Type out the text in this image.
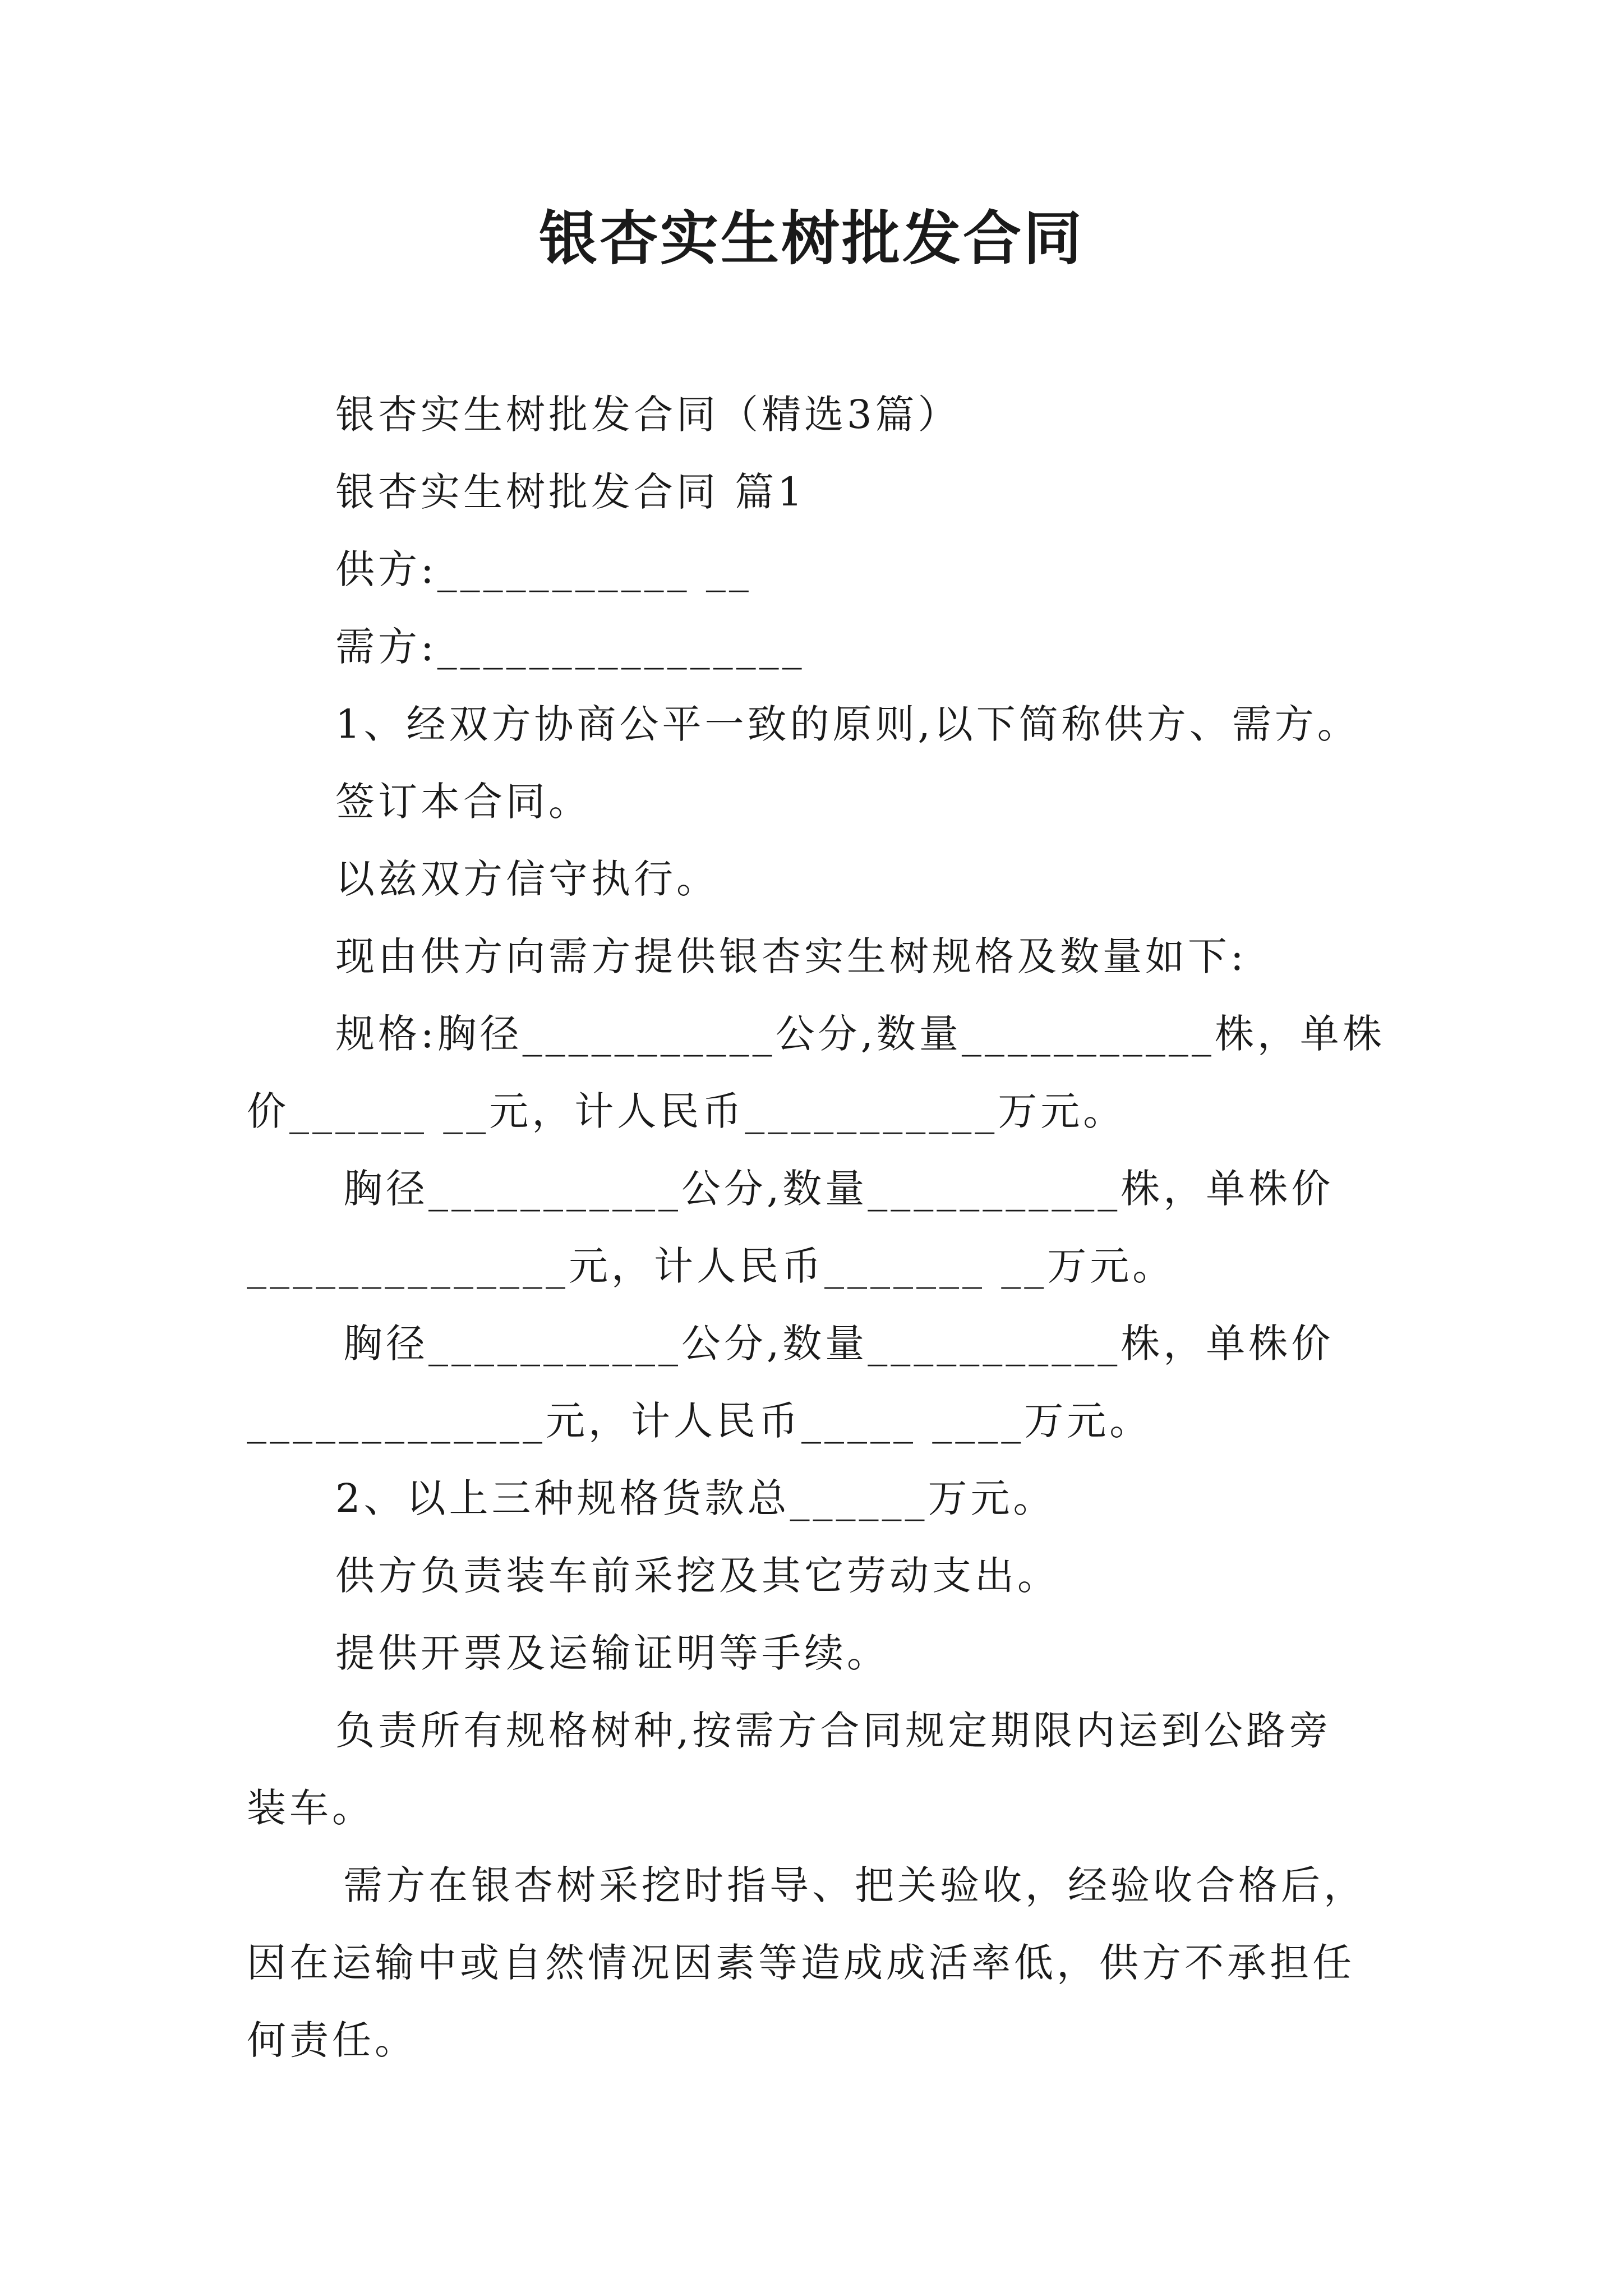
银杏实生树批发合同
银杏实生树批发合同（精选3篇）
银杏实生树批发合同 篇1
供方:___________ __
需方:________________
1、经双方协商公平一致的原则,以下简称供方、需方。
签订本合同。
以兹双方信守执行。
现由供方向需方提供银杏实生树规格及数量如下:
规格:胸径___________公分,数量___________株，单株
价______ __元，计人民币___________万元。
胸径___________公分,数量___________株，单株价
______________元，计人民币_______ __万元。
胸径___________公分,数量___________株，单株价
_____________元，计人民币_____ ____万元。
2、以上三种规格货款总______万元。
供方负责装车前采挖及其它劳动支出。
提供开票及运输证明等手续。
负责所有规格树种,按需方合同规定期限内运到公路旁
装车。
需方在银杏树采挖时指导、把关验收，经验收合格后，
因在运输中或自然情况因素等造成成活率低，供方不承担任
何责任。
